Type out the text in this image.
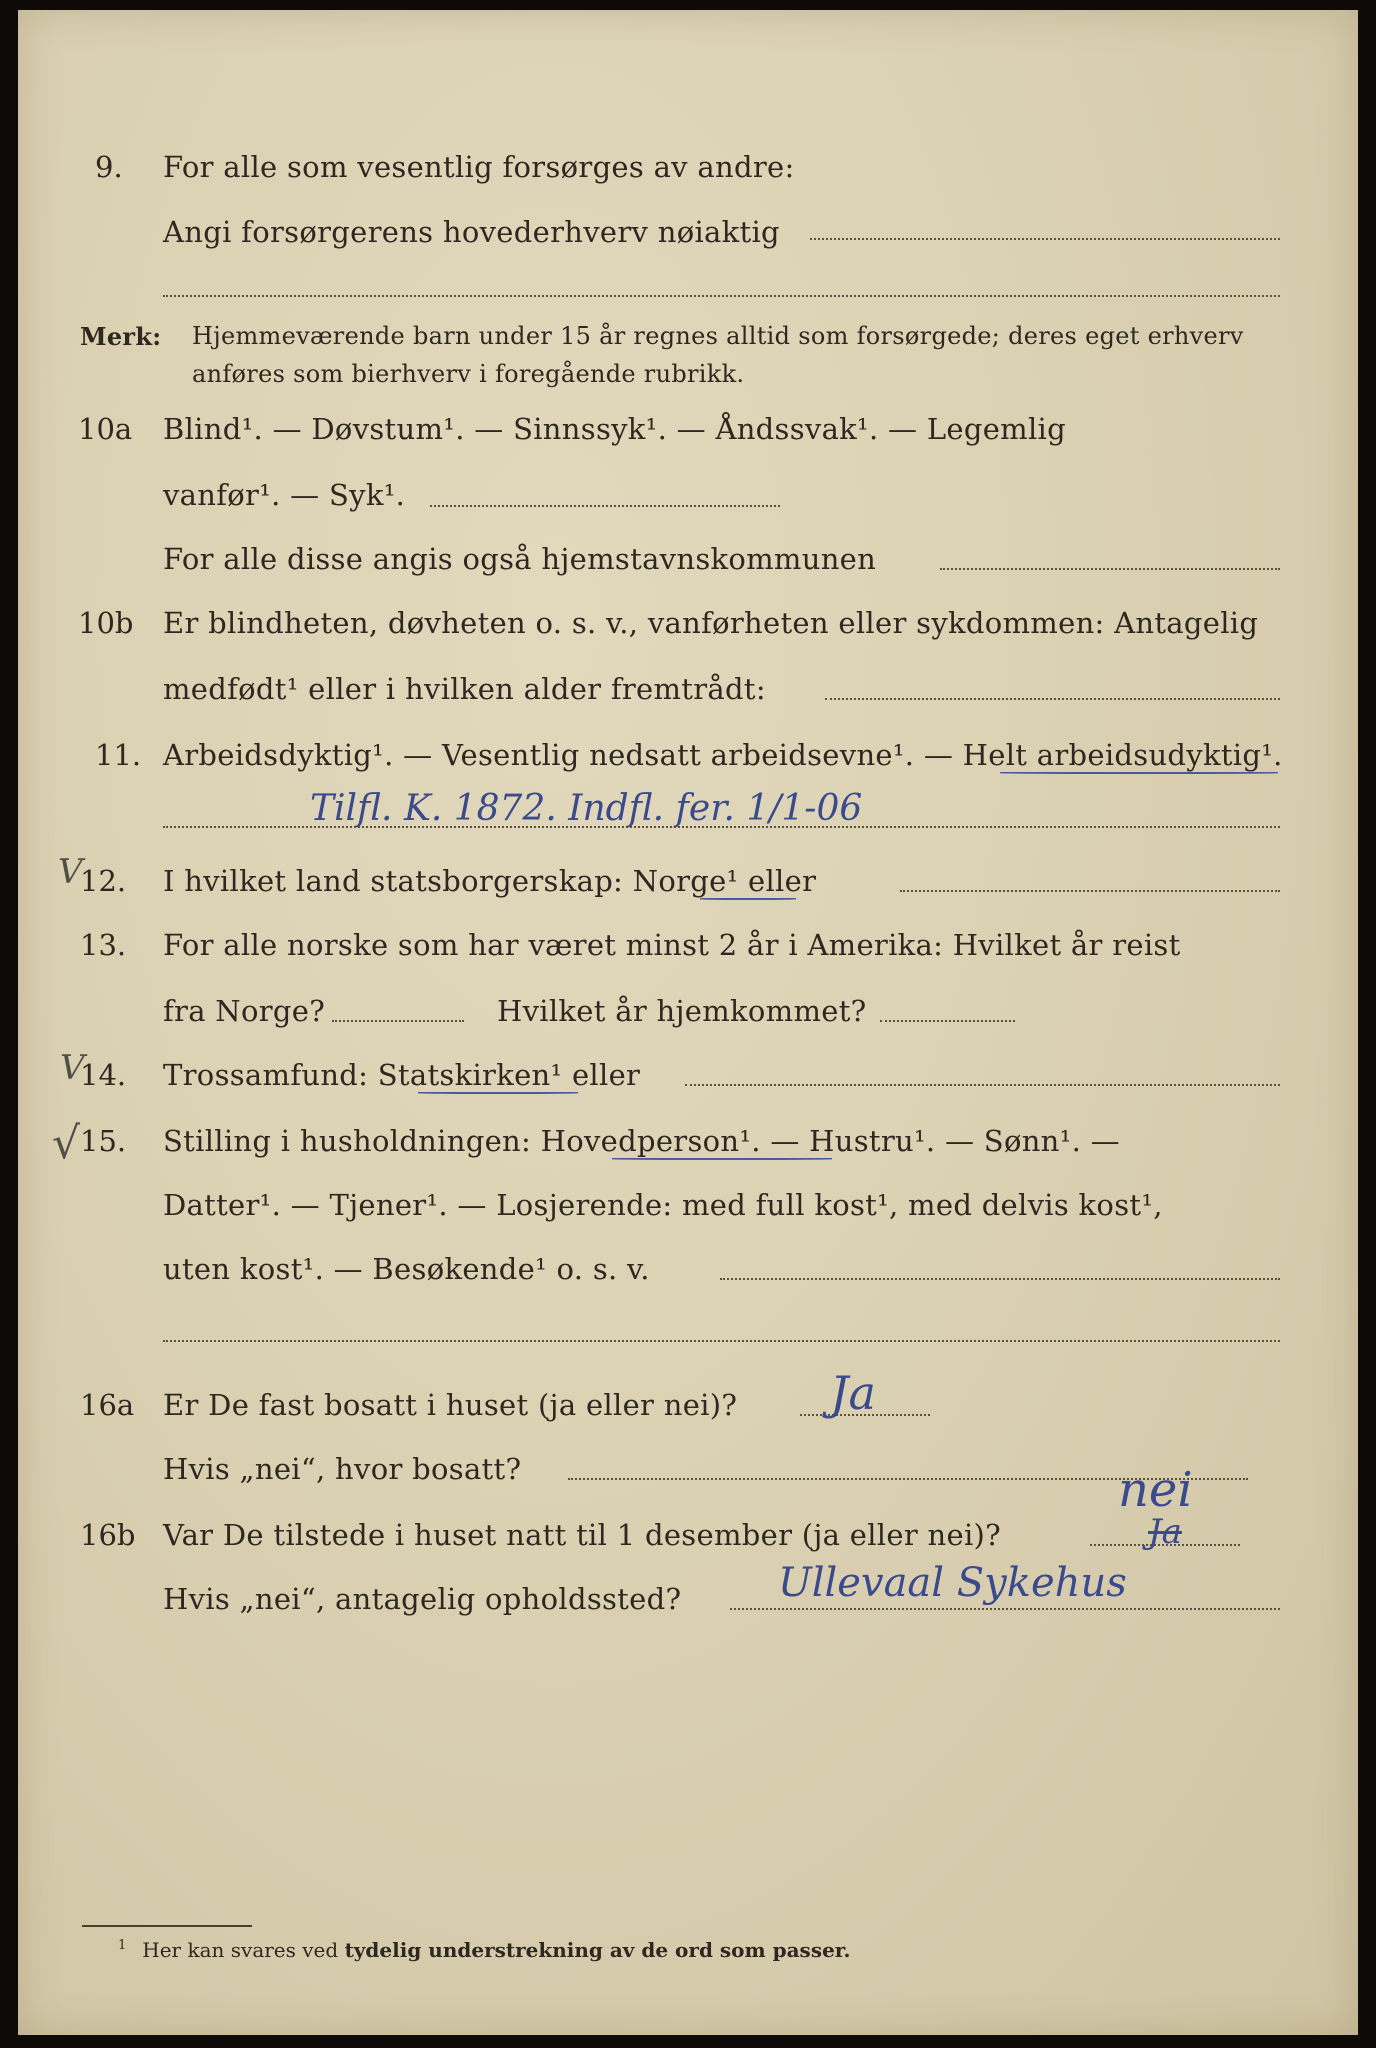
9. For alle som vesentlig forsørges av andre:
Angi forsørgerens hovederhverv nøiaktig
Merk: Hjemmeværende barn under 15 år regnes alltid som forsørgede; deres eget erhverv
anføres som bierhverv i foregående rubrikk.
10a Blind¹. — Døvstum¹. — Sinnssyk¹. — Åndssvak¹. — Legemlig
vanfør¹. — Syk¹.
For alle disse angis også hjemstavnskommunen
10b Er blindheten, døvheten o. s. v., vanførheten eller sykdommen: Antagelig
medfødt¹ eller i hvilken alder fremtrådt:
11. Arbeidsdyktig¹. — Vesentlig nedsatt arbeidsevne¹. — Helt arbeidsudyktig¹.
Tilfl. K. 1872. Indfl. fer. 1/1-06
V
12. I hvilket land statsborgerskap: Norge¹ eller
13. For alle norske som har været minst 2 år i Amerika: Hvilket år reist
fra Norge?	Hvilket år hjemkommet?
V
14. Trossamfund: Statskirken¹ eller
√ 15. Stilling i husholdningen: Hovedperson¹. — Hustru¹. — Sønn¹. —
Datter¹. — Tjener¹. — Losjerende: med full kost¹, med delvis kost¹,
uten kost¹. — Besøkende¹ o. s. v.
16a Er De fast bosatt i huset (ja eller nei)? Ja
Hvis „nei“, hvor bosatt?
16b Var De tilstede i huset natt til 1 desember (ja eller nei)?	Ja
nei
Hvis „nei“, antagelig opholdssted? Ullevaal Sykehus
$^1$ Her kan svares ved tydelig understrekning av de ord som passer.
